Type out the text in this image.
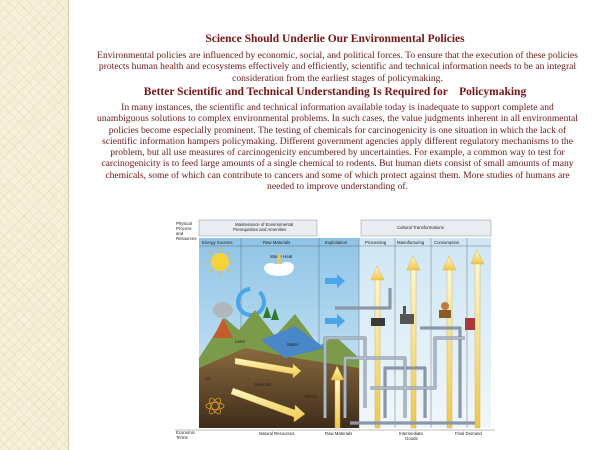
Science Should Underlie Our Environmental Policies
Environmental policies are influenced by economic, social, and political forces. To ensure that the execution of these policies protects human health and ecosystems effectively and efficiently, scientific and technical information needs to be an integral consideration from the earliest stages of policymaking.
Better Scientific and Technical Understanding Is Required for    Policymaking
In many instances, the scientific and technical information available today is inadequate to support complete and unambiguous solutions to complex environmental problems. In such cases, the value judgments inherent in all environmental policies become especially prominent. The testing of chemicals for carcinogenicity is one situation in which the lack of scientific information hampers policymaking. Different government agencies apply different regulatory mechanisms to the problem, but all use measures of carcinogenicity encumbered by uncertainties. For example, a common way to test for carcinogenicity is to feed large amounts of a single chemical to rodents. But human diets consist of small amounts of many chemicals, some of which can contribute to cancers and some of which protect against them. More studies of humans are needed to improve understanding of.
Physical
Process
and
Resources
Maintenance of Environmental
Prerequisites and Amenities	Cultural Transformations
Energy Sources	Raw Materials	Exploitation	Processing Manufacturing Consumption
Waste Heat
Land
Water
Air
Minerals
Rocks
Economic
Terms
Natural Resources	Raw Materials	Intermediate
Goods
Final Demand
